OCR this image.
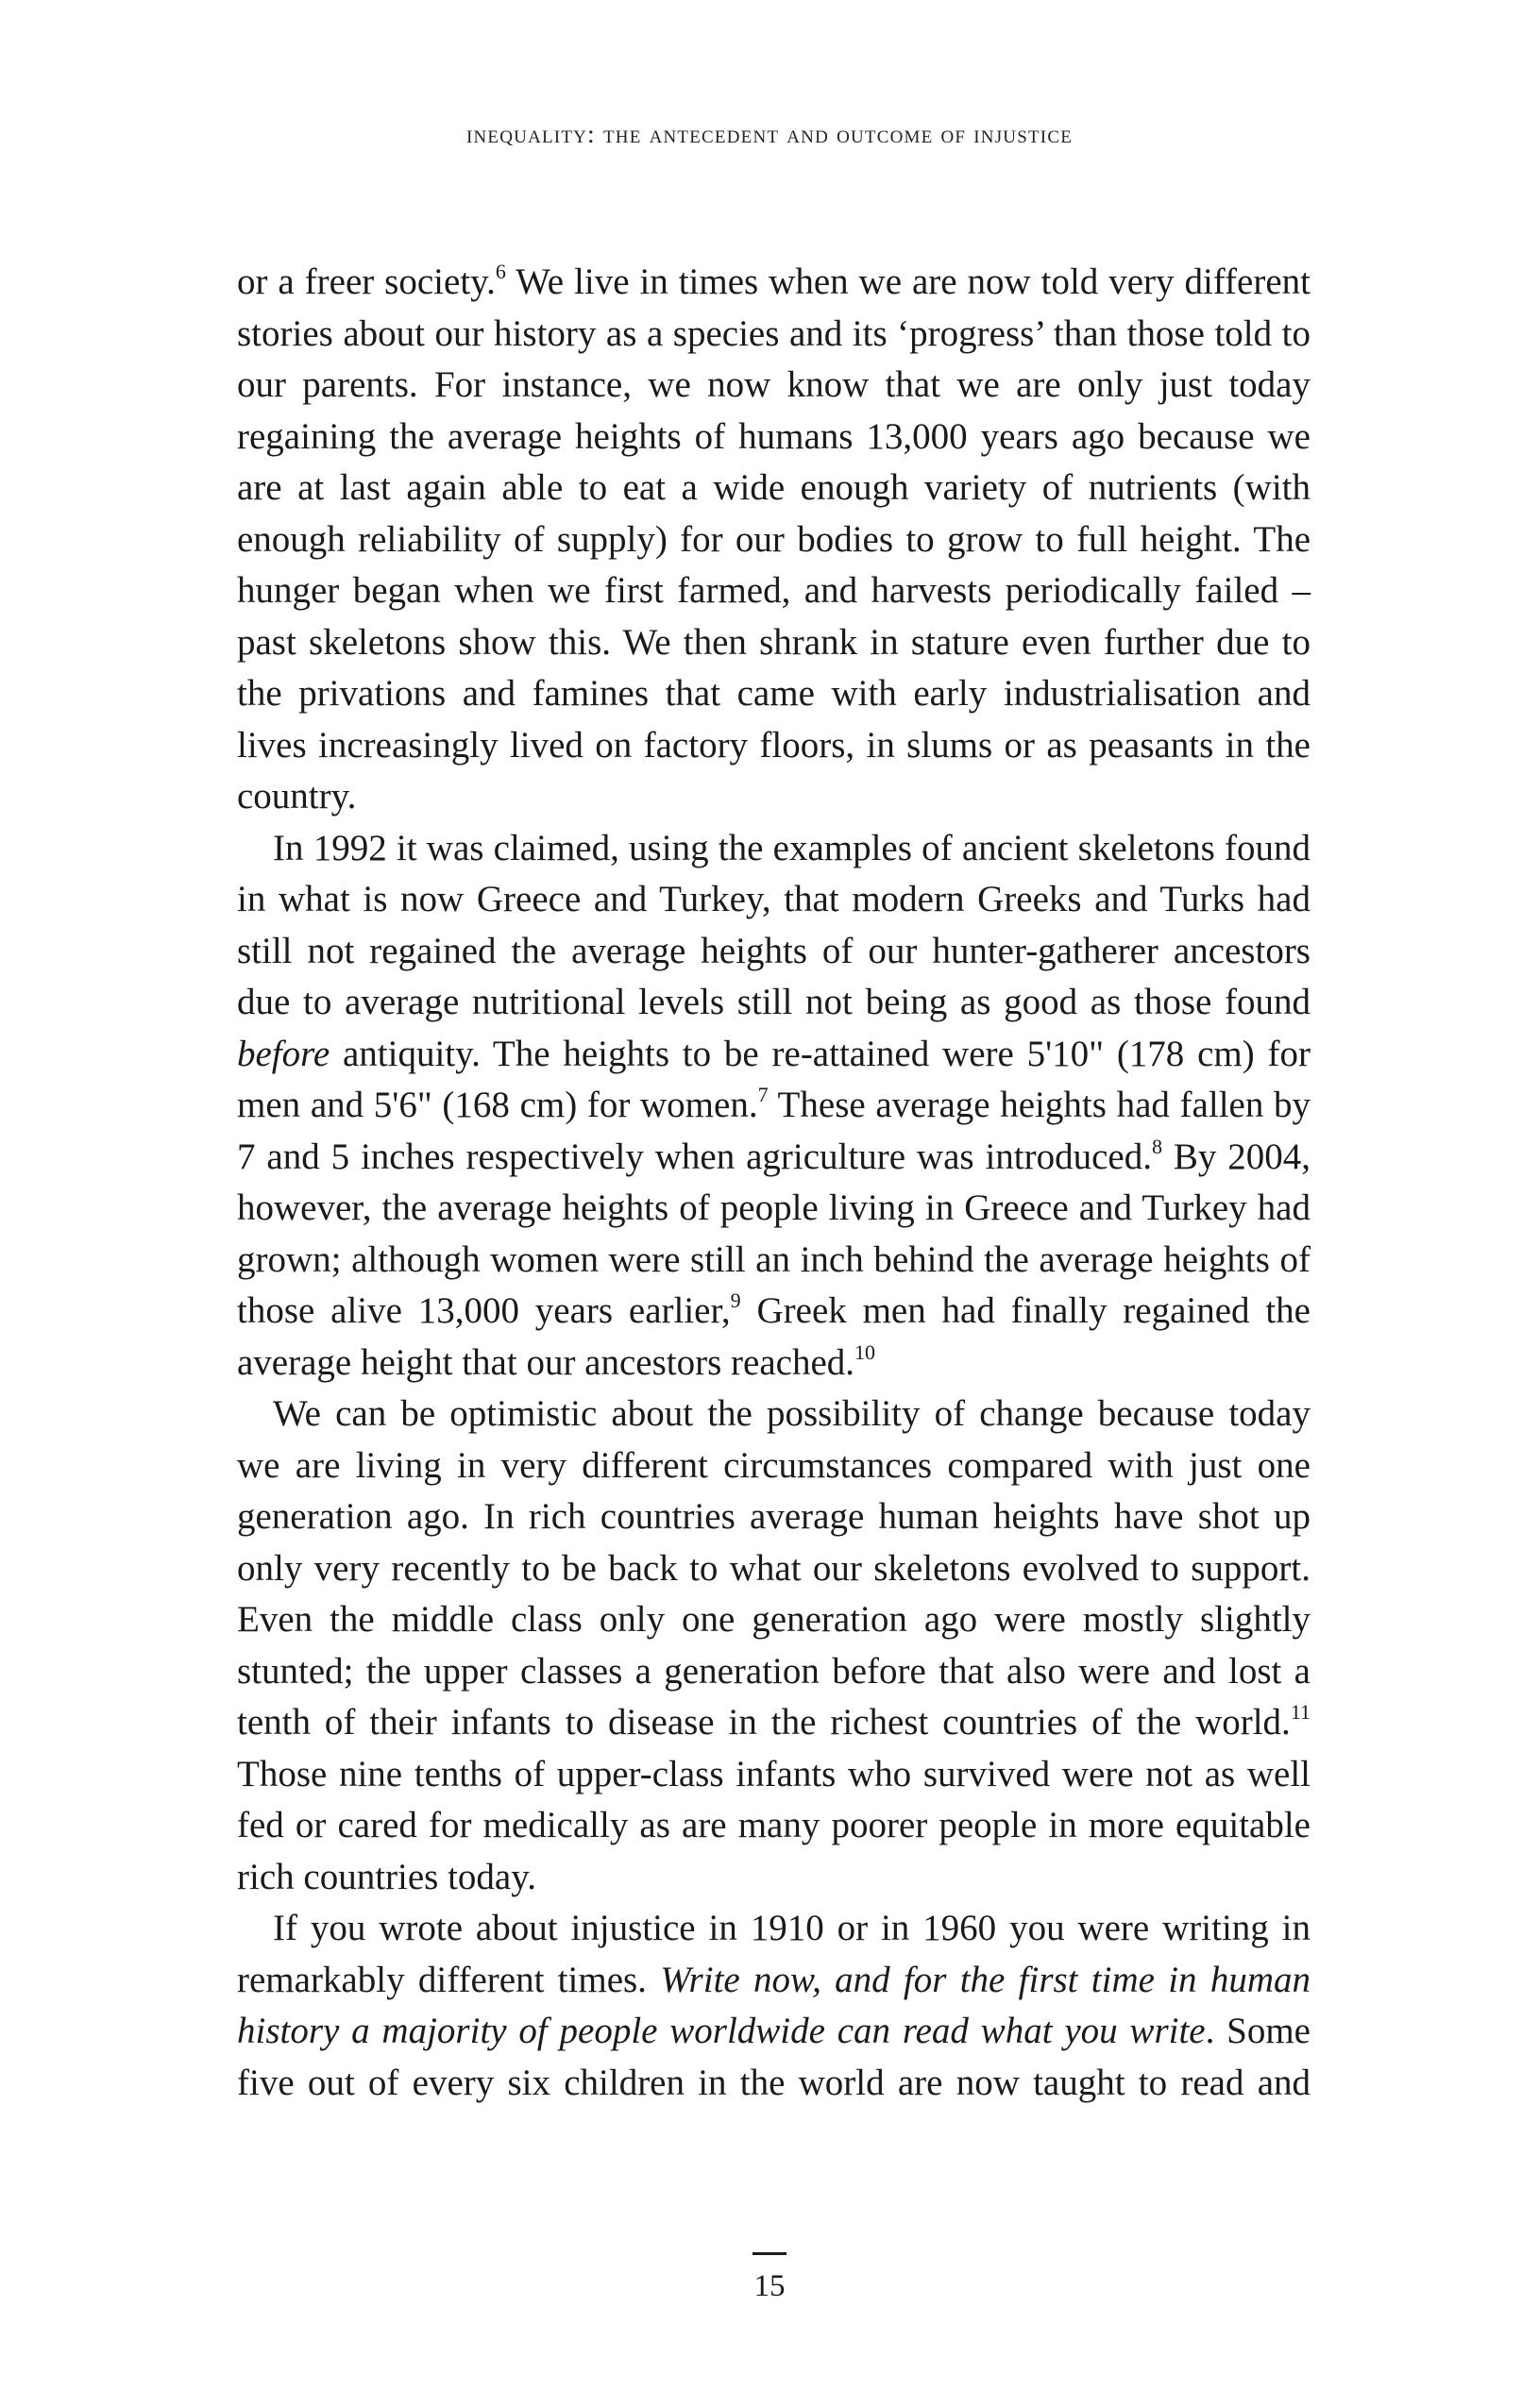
inequality: the antecedent and outcome of injustice

or a freer society.$^6$ We live in times when we are now told very different stories about our history as a species and its ‘progress’ than those told to our parents. For instance, we now know that we are only just today regaining the average heights of humans 13,000 years ago because we are at last again able to eat a wide enough variety of nutrients (with enough reliability of supply) for our bodies to grow to full height. The hunger began when we first farmed, and harvests periodically failed – past skeletons show this. We then shrank in stature even further due to the privations and famines that came with early industrialisation and lives increasingly lived on factory floors, in slums or as peasants in the country.

In 1992 it was claimed, using the examples of ancient skeletons found in what is now Greece and Turkey, that modern Greeks and Turks had still not regained the average heights of our hunter-gatherer ancestors due to average nutritional levels still not being as good as those found before antiquity. The heights to be re-attained were 5'10" (178 cm) for men and 5'6" (168 cm) for women.$^7$ These average heights had fallen by 7 and 5 inches respectively when agriculture was introduced.$^8$ By 2004, however, the average heights of people living in Greece and Turkey had grown; although women were still an inch behind the average heights of those alive 13,000 years earlier,$^9$ Greek men had finally regained the average height that our ancestors reached.$^{10}$

We can be optimistic about the possibility of change because today we are living in very different circumstances compared with just one generation ago. In rich countries average human heights have shot up only very recently to be back to what our skeletons evolved to support. Even the middle class only one generation ago were mostly slightly stunted; the upper classes a generation before that also were and lost a tenth of their infants to disease in the richest countries of the world.$^{11}$ Those nine tenths of upper-class infants who survived were not as well fed or cared for medically as are many poorer people in more equitable rich countries today.

If you wrote about injustice in 1910 or in 1960 you were writing in remarkably different times. Write now, and for the first time in human history a majority of people worldwide can read what you write. Some five out of every six children in the world are now taught to read and

15
